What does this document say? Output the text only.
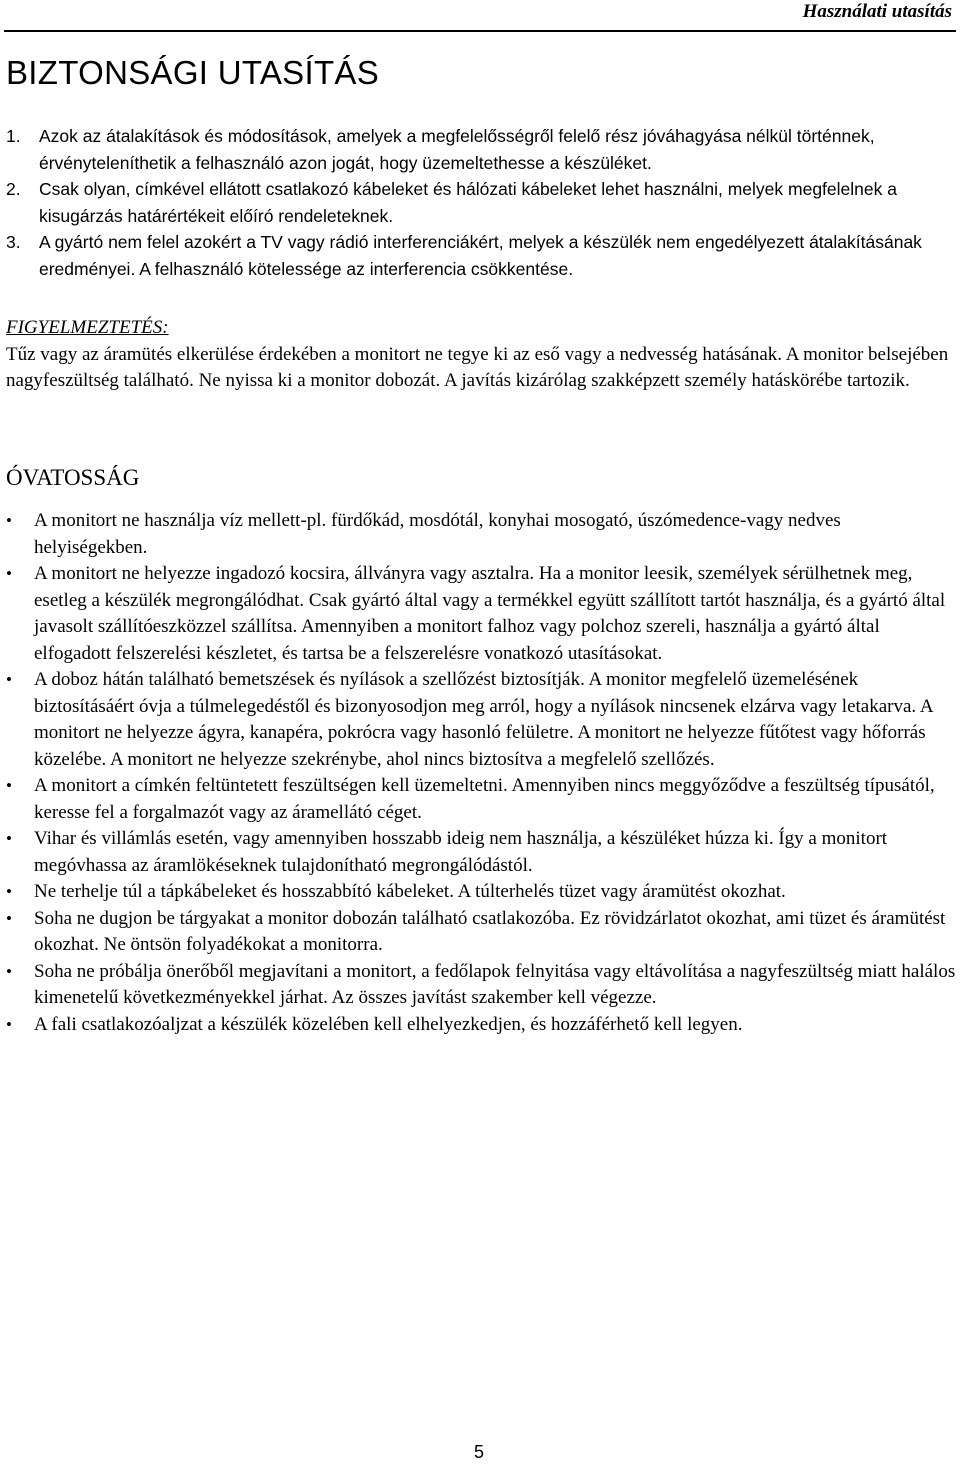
Használati utasítás
BIZTONSÁGI UTASÍTÁS
1. Azok az átalakítások és módosítások, amelyek a megfelelősségről felelő rész jóváhagyása nélkül történnek, érvényteleníthetik a felhasználó azon jogát, hogy üzemeltethesse a készüléket.
2. Csak olyan, címkével ellátott csatlakozó kábeleket és hálózati kábeleket lehet használni, melyek megfelelnek a kisugárzás határértékeit előíró rendeleteknek.
3. A gyártó nem felel azokért a TV vagy rádió interferenciákért, melyek a készülék nem engedélyezett átalakításának eredményei. A felhasználó kötelessége az interferencia csökkentése.
FIGYELMEZTETÉS:
Tűz vagy az áramütés elkerülése érdekében a monitort ne tegye ki az eső vagy a nedvesség hatásának. A monitor belsejében nagyfeszültség található. Ne nyissa ki a monitor dobozát. A javítás kizárólag szakképzett személy hatáskörébe tartozik.
ÓVATOSSÁG
• A monitort ne használja víz mellett-pl. fürdőkád, mosdótál, konyhai mosogató, úszómedence-vagy nedves helyiségekben.
• A monitort ne helyezze ingadozó kocsira, állványra vagy asztalra. Ha a monitor leesik, személyek sérülhetnek meg, esetleg a készülék megrongálódhat. Csak gyártó által vagy a termékkel együtt szállított tartót használja, és a gyártó által javasolt szállítóeszközzel szállítsa. Amennyiben a monitort falhoz vagy polchoz szereli, használja a gyártó által elfogadott felszerelési készletet, és tartsa be a felszerelésre vonatkozó utasításokat.
• A doboz hátán található bemetszések és nyílások a szellőzést biztosítják. A monitor megfelelő üzemelésének biztosításáért óvja a túlmelegedéstől és bizonyosodjon meg arról, hogy a nyílások nincsenek elzárva vagy letakarva. A monitort ne helyezze ágyra, kanapéra, pokrócra vagy hasonló felületre. A monitort ne helyezze fűtőtest vagy hőforrás közelébe. A monitort ne helyezze szekrénybe, ahol nincs biztosítva a megfelelő szellőzés.
• A monitort a címkén feltüntetett feszültségen kell üzemeltetni. Amennyiben nincs meggyőződve a feszültség típusától, keresse fel a forgalmazót vagy az áramellátó céget.
• Vihar és villámlás esetén, vagy amennyiben hosszabb ideig nem használja, a készüléket húzza ki. Így a monitort megóvhassa az áramlökéseknek tulajdonítható megrongálódástól.
• Ne terhelje túl a tápkábeleket és hosszabbító kábeleket. A túlterhelés tüzet vagy áramütést okozhat.
• Soha ne dugjon be tárgyakat a monitor dobozán található csatlakozóba. Ez rövidzárlatot okozhat, ami tüzet és áramütést okozhat. Ne öntsön folyadékokat a monitorra.
• Soha ne próbálja önerőből megjavítani a monitort, a fedőlapok felnyitása vagy eltávolítása a nagyfeszültség miatt halálos kimenetelű következményekkel járhat. Az összes javítást szakember kell végezze.
• A fali csatlakozóaljzat a készülék közelében kell elhelyezkedjen, és hozzáférhető kell legyen.
5
